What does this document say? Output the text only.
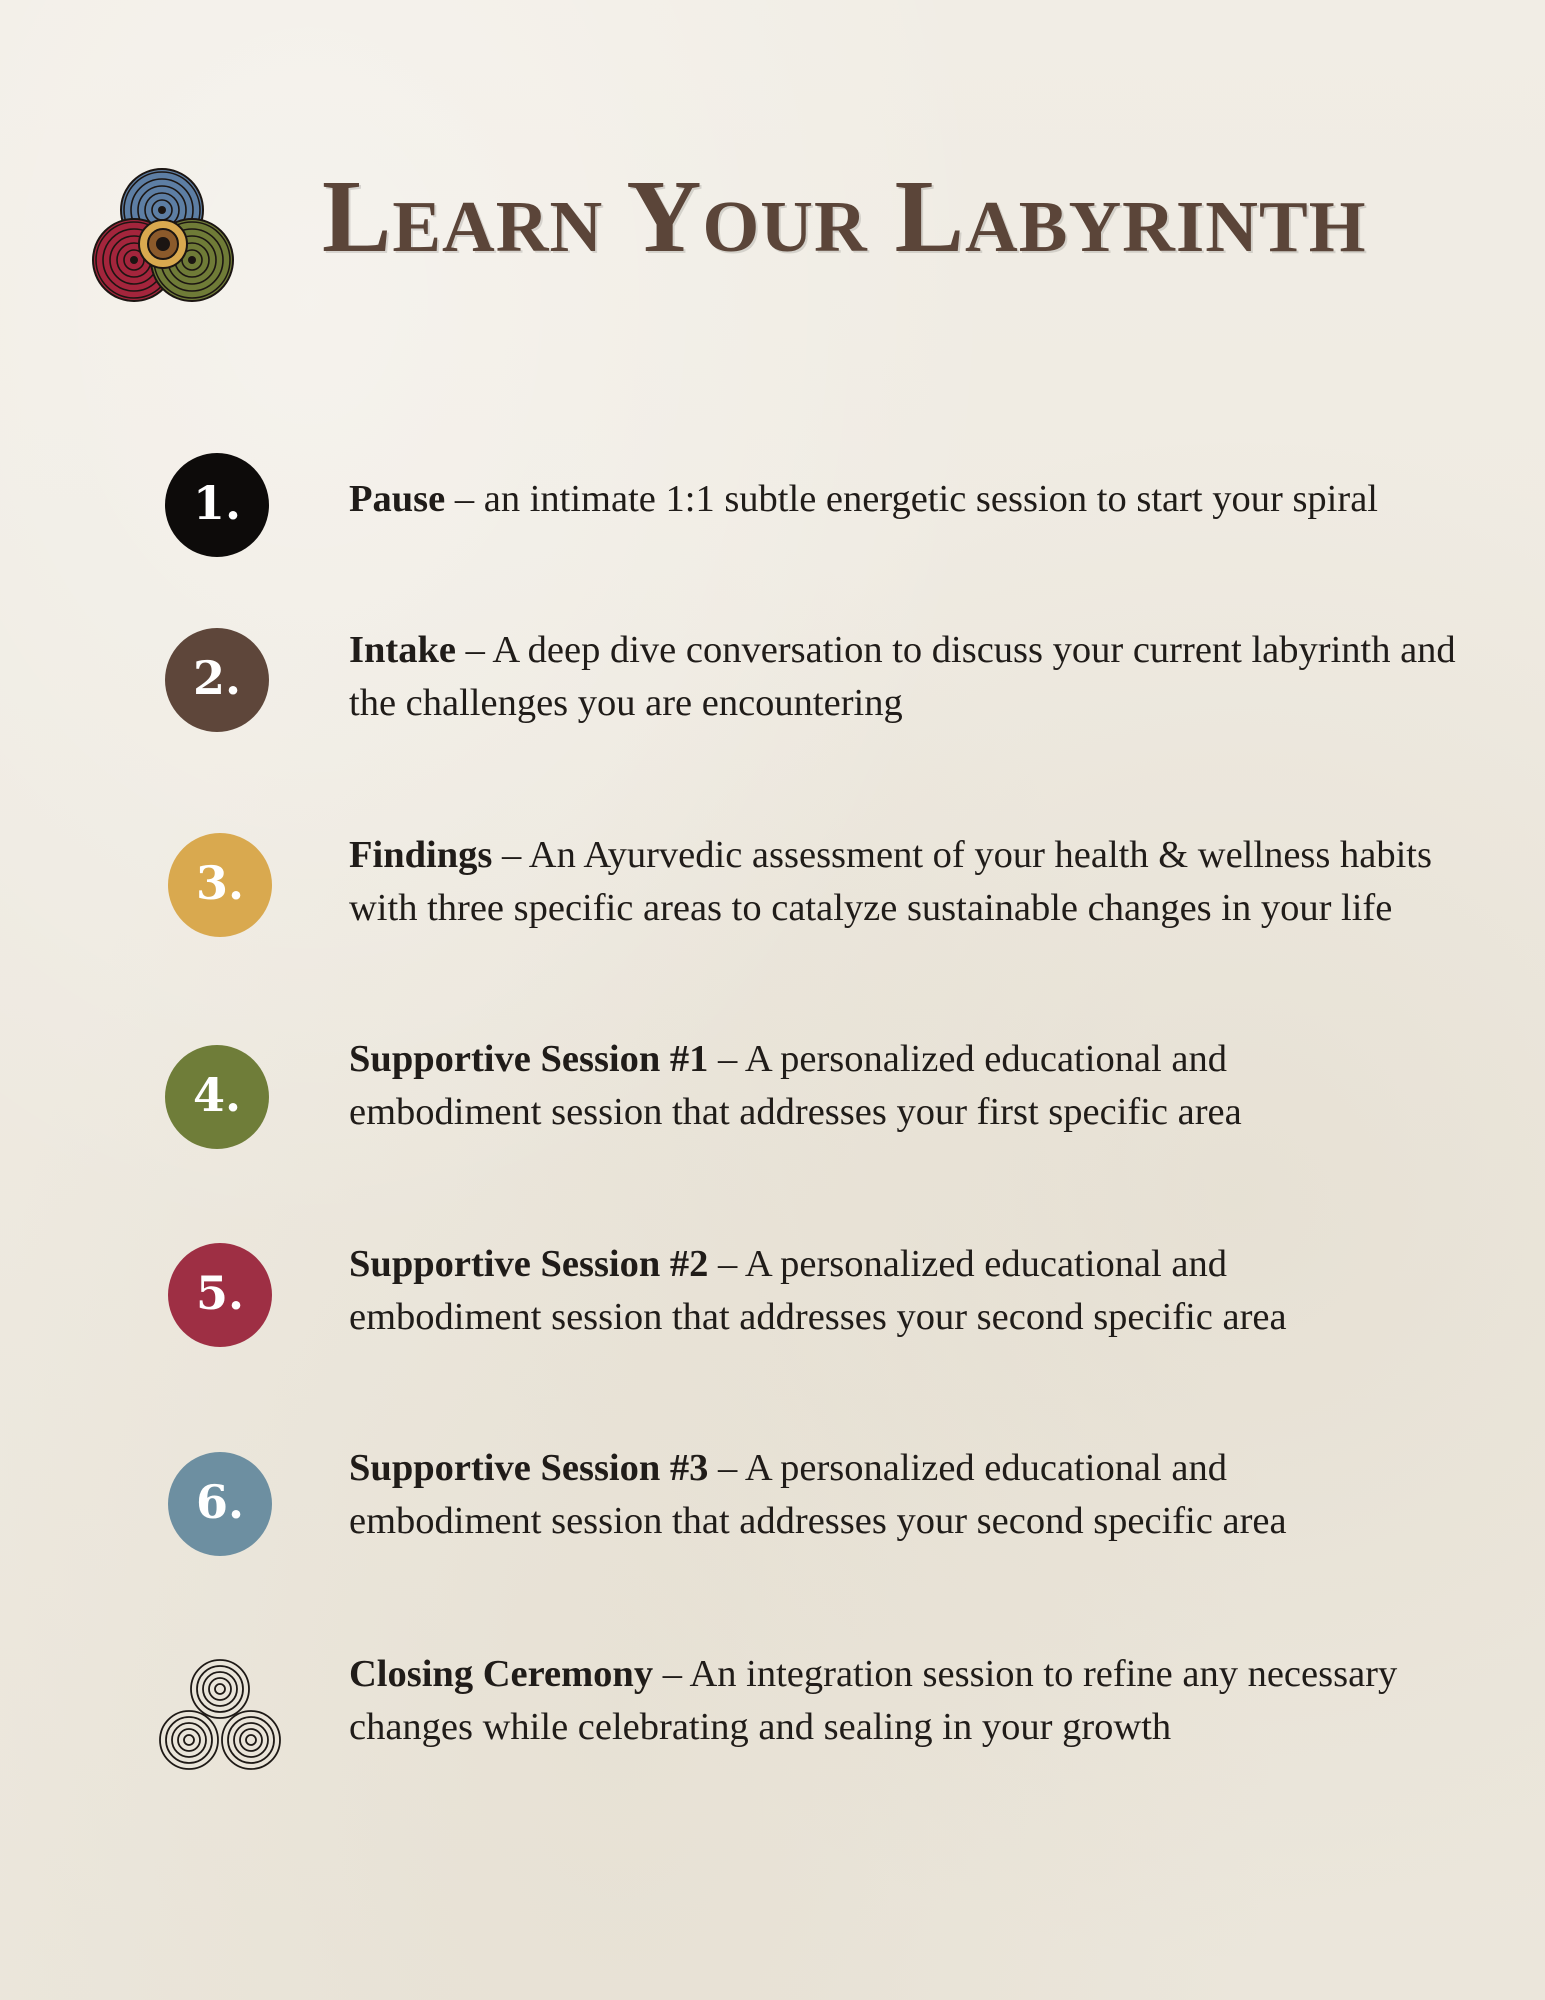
Learn Your Labyrinth
1.	Pause – an intimate 1:1 subtle energetic session to start your spiral

2.

Intake – A deep dive conversation to discuss your current labyrinth and the challenges you are encountering

3.

Findings – An Ayurvedic assessment of your health & wellness habits with three specific areas to catalyze sustainable changes in your life

4.

Supportive Session #1 – A personalized educational and embodiment session that addresses your first specific area

5.

Supportive Session #2 – A personalized educational and embodiment session that addresses your second specific area

6.

Supportive Session #3 – A personalized educational and embodiment session that addresses your second specific area

Closing Ceremony – An integration session to refine any necessary changes while celebrating and sealing in your growth
